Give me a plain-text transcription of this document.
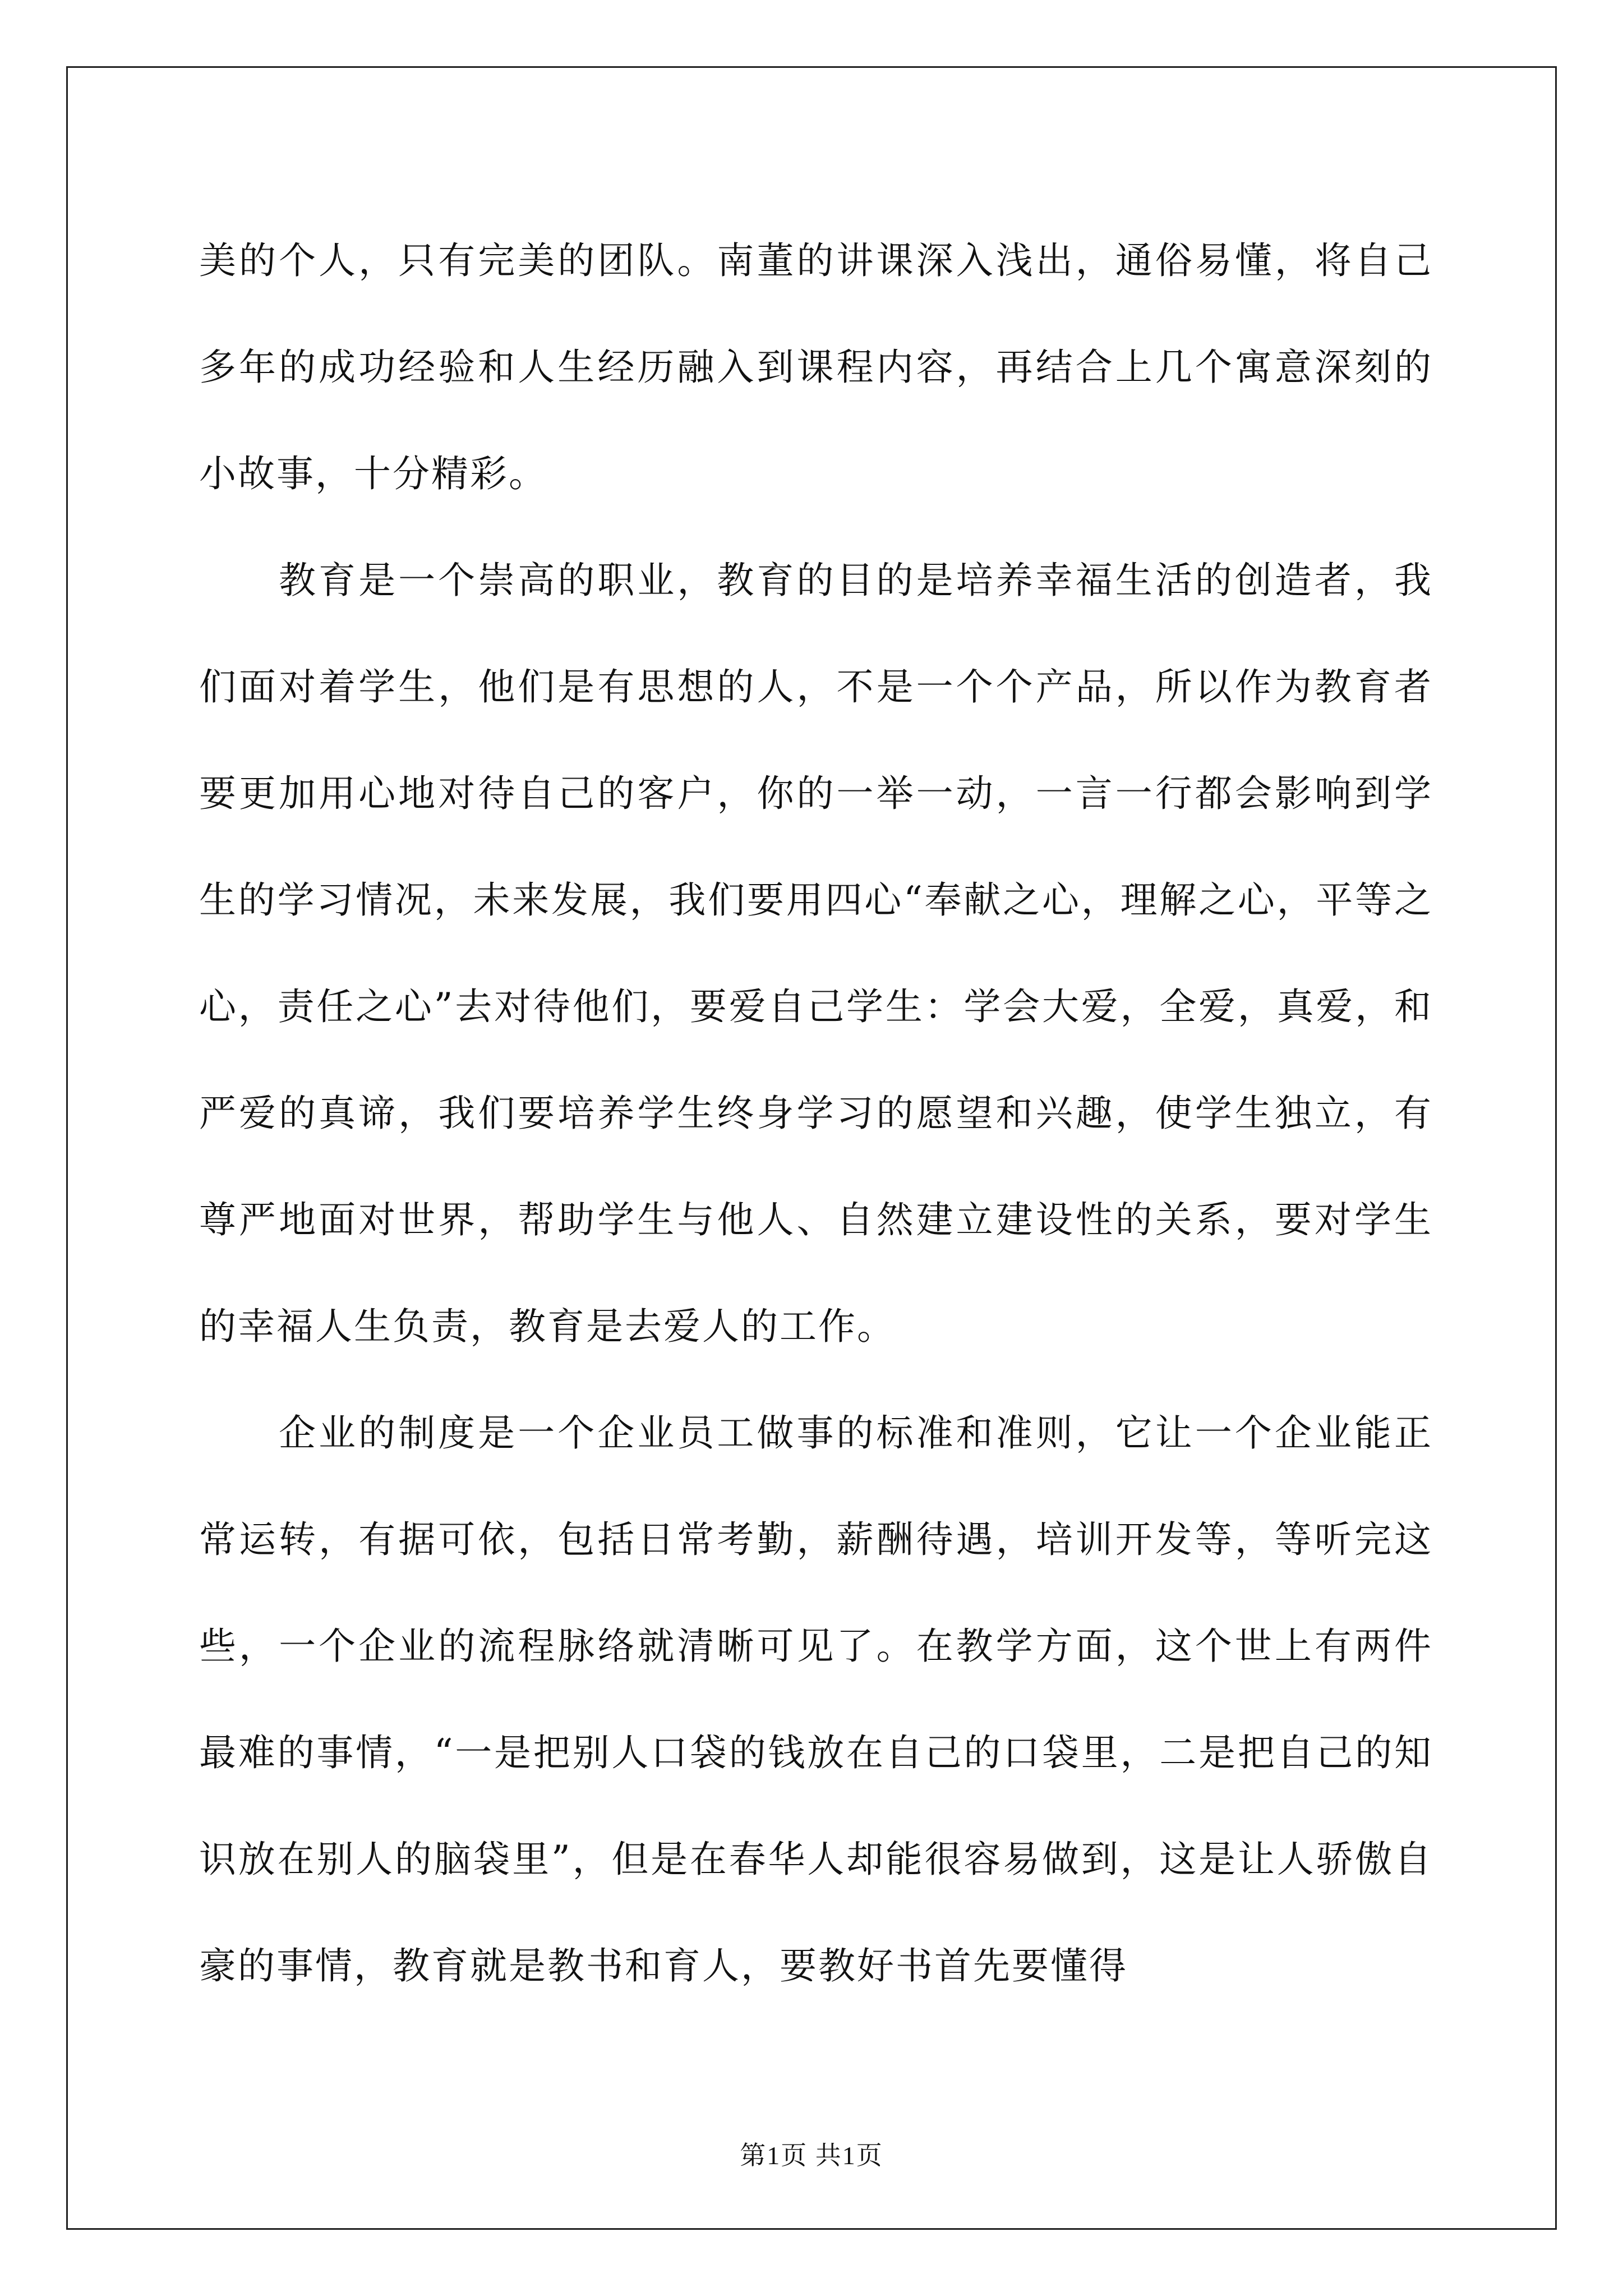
美的个人，只有完美的团队。南董的讲课深入浅出，通俗易懂，将自己多年的成功经验和人生经历融入到课程内容，再结合上几个寓意深刻的小故事，十分精彩。

教育是一个崇高的职业，教育的目的是培养幸福生活的创造者，我们面对着学生，他们是有思想的人，不是一个个产品，所以作为教育者要更加用心地对待自己的客户，你的一举一动，一言一行都会影响到学生的学习情况，未来发展，我们要用四心“奉献之心，理解之心，平等之心，责任之心”去对待他们，要爱自己学生：学会大爱，全爱，真爱，和严爱的真谛，我们要培养学生终身学习的愿望和兴趣，使学生独立，有尊严地面对世界，帮助学生与他人、自然建立建设性的关系，要对学生的幸福人生负责，教育是去爱人的工作。

企业的制度是一个企业员工做事的标准和准则，它让一个企业能正常运转，有据可依，包括日常考勤，薪酬待遇，培训开发等，等听完这些，一个企业的流程脉络就清晰可见了。在教学方面，这个世上有两件最难的事情，“一是把别人口袋的钱放在自己的口袋里，二是把自己的知识放在别人的脑袋里”，但是在春华人却能很容易做到，这是让人骄傲自豪的事情，教育就是教书和育人，要教好书首先要懂得

第1页 共1页
